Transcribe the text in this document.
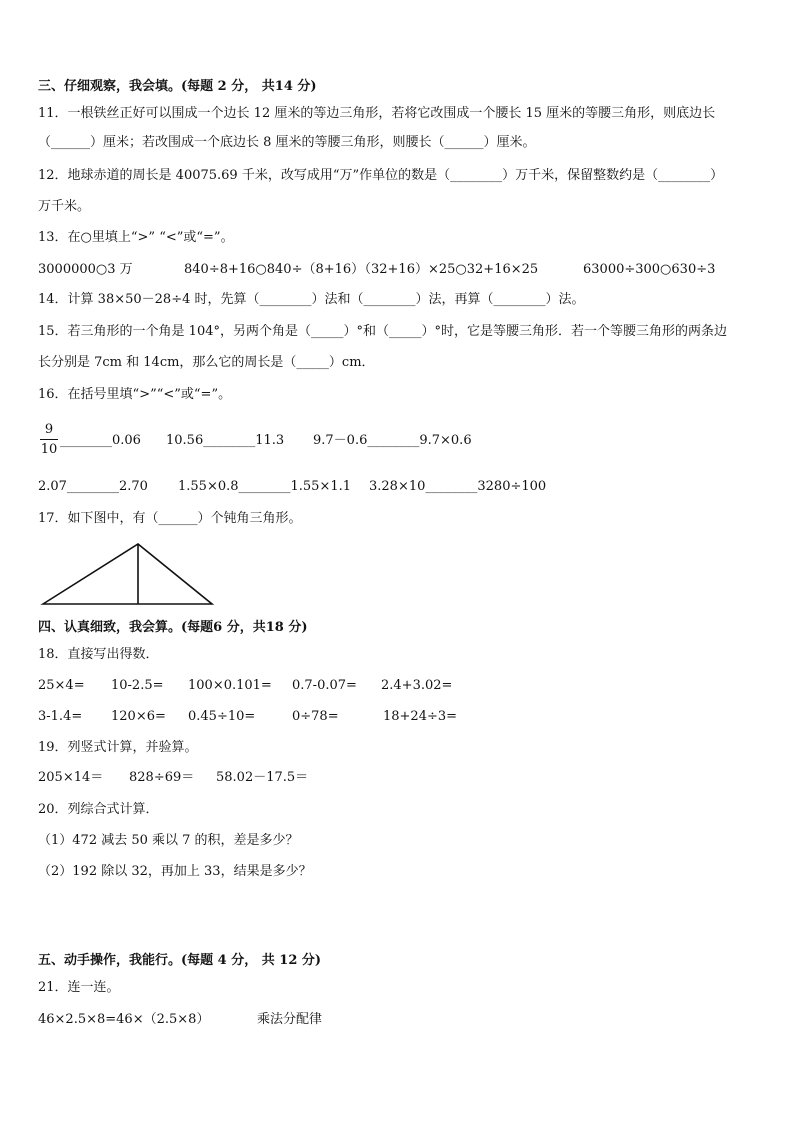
三、仔细观察，我会填。(每题 2 分， 共14 分)
11．一根铁丝正好可以围成一个边长 12 厘米的等边三角形，若将它改围成一个腰长 15 厘米的等腰三角形，则底边长
（______）厘米；若改围成一个底边长 8 厘米的等腰三角形，则腰长（______）厘米。
12．地球赤道的周长是 40075.69 千米，改写成用“万”作单位的数是（________）万千米，保留整数约是（________）
万千米。
13．在○里填上“>” “<”或“=”。
3000000○3 万	840÷8+16○840÷（8+16）
（32+16）×25○32+16×25	63000÷300○630÷3
14．计算 38×50－28÷4 时，先算（________）法和（________）法，再算（________）法。
15．若三角形的一个角是 104°，另两个角是（_____）°和（_____）°时，它是等腰三角形．若一个等腰三角形的两条边
长分别是 7cm 和 14cm，那么它的周长是（_____）cm．
16．在括号里填“>”“<”或“=”。
9
10
________0.06 10.56________11.3 9.7－0.6________9.7×0.6
2.07________2.70 1.55×0.8________1.55×1.1 3.28×10________3280÷100
17．如下图中，有（______）个钝角三角形。
四、认真细致，我会算。(每题6 分，共18 分)
18．直接写出得数．
25×4= 10-2.5= 100×0.101= 0.7-0.07= 2.4+3.02=
3-1.4= 120×6= 0.45÷10=	0÷78=	18+24÷3=
19．列竖式计算，并验算。
205×14＝ 828÷69＝ 58.02－17.5＝
20．列综合式计算．
（1）472 减去 50 乘以 7 的积，差是多少？
（2）192 除以 32，再加上 33，结果是多少？
五、动手操作，我能行。(每题 4 分， 共 12 分)
21．连一连。
46×2.5×8=46×（2.5×8）	乘法分配律
